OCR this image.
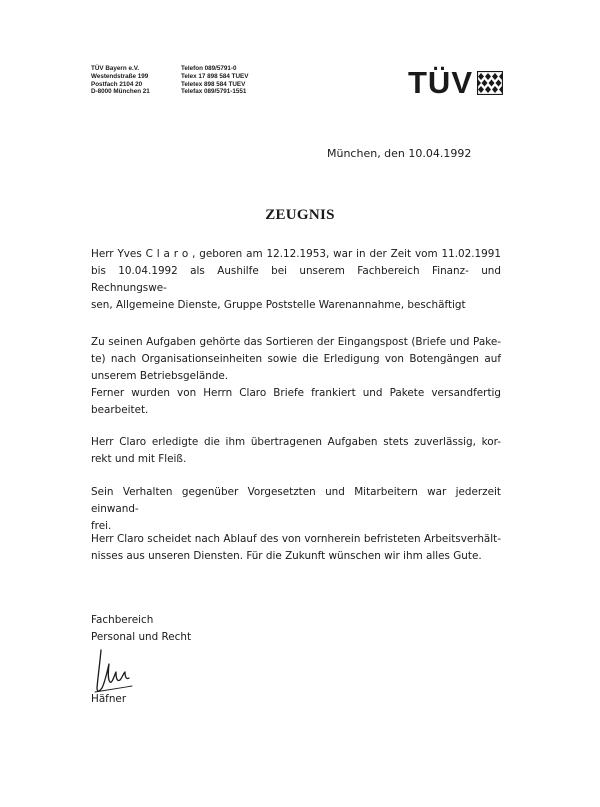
TÜV Bayern e.V.
Westendstraße 199
Postfach 2104 20
D-8000 München 21
Telefon 089/5791-0
Telex 17 898 584 TUEV
Teletex 898 584 TUEV
Telefax 089/5791-1551	TÜV
München, den 10.04.1992
ZEUGNIS

Herr Yves C l a r o , geboren am 12.12.1953, war in der Zeit vom 11.02.1991

bis 10.04.1992 als Aushilfe bei unserem Fachbereich Finanz- und Rechnungswe-

sen, Allgemeine Dienste, Gruppe Poststelle Warenannahme, beschäftigt

Zu seinen Aufgaben gehörte das Sortieren der Eingangspost (Briefe und Pake-

te) nach Organisationseinheiten sowie die Erledigung von Botengängen auf

unserem Betriebsgelände.

Ferner wurden von Herrn Claro Briefe frankiert und Pakete versandfertig

bearbeitet.

Herr Claro erledigte die ihm übertragenen Aufgaben stets zuverlässig, kor-

rekt und mit Fleiß.

Sein Verhalten gegenüber Vorgesetzten und Mitarbeitern war jederzeit einwand-

frei.

Herr Claro scheidet nach Ablauf des von vornherein befristeten Arbeitsverhält-

nisses aus unseren Diensten. Für die Zukunft wünschen wir ihm alles Gute.

Fachbereich
Personal und Recht
Häfner
